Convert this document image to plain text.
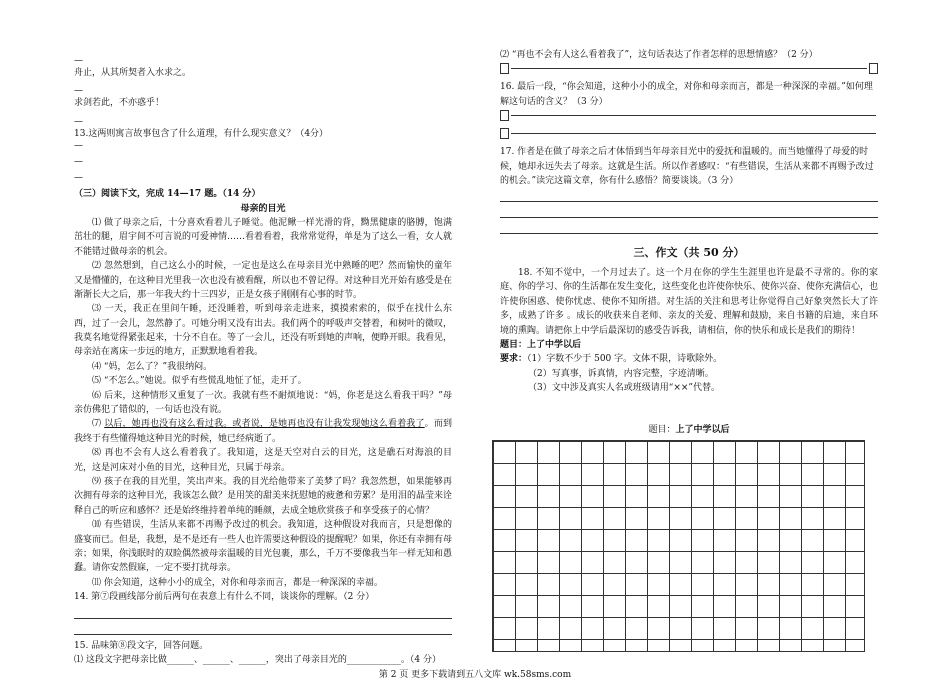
—

舟止，从其所契者入水求之。

—

求剑若此，不亦惑乎！

—

13.这两则寓言故事包含了什么道理，有什么现实意义？（4分）

—
—
—

（三）阅读下文，完成 14—17 题。（14 分）

母亲的目光

⑴ 做了母亲之后，十分喜欢看着儿子睡觉。他泥鳅一样光滑的背，黝黑健康的胳膊，饱满茁壮的腿，眉宇间不可言说的可爱神情……看着看着，我常常觉得，单是为了这么一看，女人就不能错过做母亲的机会。

⑵ 忽然想到，自己这么小的时候，一定也是这么在母亲目光中熟睡的吧？然而愉快的童年又是懵懂的，在这种目光里我一次也没有被看醒，所以也不曾记得。对这种目光开始有感受是在渐渐长大之后，那一年我大约十三四岁，正是女孩子刚刚有心事的时节。

⑶ 一天，我正在里间午睡，还没睡着，听到母亲走进来，摸摸索索的，似乎在找什么东西，过了一会儿，忽然静了。可她分明又没有出去。我们两个的呼吸声交替着，和树叶的微叹，我莫名地觉得紧张起来，十分不自在。等了一会儿，还没有听到她的声响，便睁开眼。我看见，母亲站在离床一步远的地方，正默默地看着我。

⑷ “妈，怎么了？”我很纳闷。

⑸ “不怎么。”她说。似乎有些慌乱地怔了怔，走开了。

⑹ 后来，这种情形又重复了一次。我就有些不耐烦地说：“妈，你老是这么看我干吗？”母亲仿佛犯了错似的，一句话也没有说。

⑺ 以后，她再也没有这么看过我。或者说，是她再也没有让我发现她这么看着我了。而到我终于有些懂得她这种目光的时候，她已经病逝了。

⑻ 再也不会有人这么看着我了。我知道，这是天空对白云的目光，这是礁石对海浪的目光，这是河床对小鱼的目光，这种目光，只属于母亲。

⑼ 孩子在我的目光里，笑出声来。我的目光给他带来了美梦了吗？我忽然想，如果能够再次拥有母亲的这种目光，我该怎么做？是用笑的甜美来抚慰她的疲惫和劳累？是用泪的晶莹来诠释自己的听应和感怀？还是始终维持着单纯的睡颜，去成全她欣赏孩子和享受孩子的心情？

⑽ 有些错误，生活从来都不再赐予改过的机会。我知道，这种假设对我而言，只是想像的盛宴而已。但是，我想，是不是还有一些人也许需要这种假设的提醒呢？如果，你还有幸拥有母亲；如果，你浅眠时的双睑偶然被母亲温暖的目光包裹，那么，千万不要像我当年一样无知和愚蠢。请你安然假寐，一定不要打扰母亲。

⑾ 你会知道，这种小小的成全，对你和母亲而言，都是一种深深的幸福。

14. 第⑦段画线部分前后两句在表意上有什么不同，谈谈你的理解。（2 分）

15. 品味第⑧段文字，回答问题。

⑴ 这段文字把母亲比做______、______、______，突出了母亲目光的____________。（4 分）

⑵ “再也不会有人这么看着我了”，这句话表达了作者怎样的思想情感？（2 分）

16. 最后一段，“你会知道，这种小小的成全，对你和母亲而言，都是一种深深的幸福。”如何理解这句话的含义？（3 分）

17. 作者是在做了母亲之后才体悟到当年母亲目光中的爱抚和温暖的。而当她懂得了母爱的时候，她却永远失去了母亲。这就是生活。所以作者感叹：“有些错误，生活从来都不再赐予改过的机会。”读完这篇文章，你有什么感悟？简要谈谈。（3 分）

三、作文（共 50 分）

18. 不知不觉中，一个月过去了。这一个月在你的学生生涯里也许是最不寻常的。你的家庭、你的学习、你的生活都在发生变化，这些变化也许使你快乐、使你兴奋、使你充满信心，也许使你困惑、使你忧虑、使你不知所措。对生活的关注和思考让你觉得自己好象突然长大了许多，成熟了许多 。成长的收获来自老师、亲友的关爱、理解和鼓励，来自书籍的启迪，来自环境的熏陶。请把你上中学后最深切的感受告诉我，请相信，你的快乐和成长是我们的期待！

题目：上了中学以后

要求：（1）字数不少于 500 字。文体不限，诗歌除外。

（2）写真事，诉真情，内容完整，字迹清晰。

（3）文中涉及真实人名或班级请用“××”代替。

题目：上了中学以后

第 2 页 更多下载请到五八文库 wk.58sms.com
